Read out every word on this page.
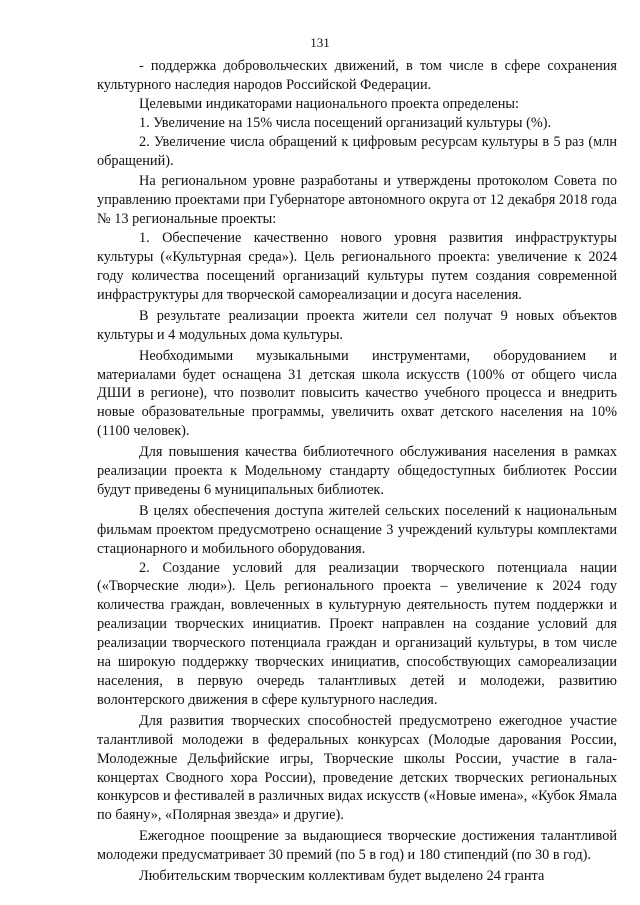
131

- поддержка добровольческих движений, в том числе в сфере сохранения культурного наследия народов Российской Федерации.

Целевыми индикаторами национального проекта определены:

1. Увеличение на 15% числа посещений организаций культуры (%).

2. Увеличение числа обращений к цифровым ресурсам культуры в 5 раз (млн обращений).

На региональном уровне разработаны и утверждены протоколом Совета по управлению проектами при Губернаторе автономного округа от 12 декабря 2018 года № 13 региональные проекты:

1. Обеспечение качественно нового уровня развития инфраструктуры культуры («Культурная среда»). Цель регионального проекта: увеличение к 2024 году количества посещений организаций культуры путем создания современной инфраструктуры для творческой самореализации и досуга населения.

В результате реализации проекта жители сел получат 9 новых объектов культуры и 4 модульных дома культуры.

Необходимыми музыкальными инструментами, оборудованием и материалами будет оснащена 31 детская школа искусств (100% от общего числа ДШИ в регионе), что позволит повысить качество учебного процесса и внедрить новые образовательные программы, увеличить охват детского населения на 10% (1100 человек).

Для повышения качества библиотечного обслуживания населения в рамках реализации проекта к Модельному стандарту общедоступных библиотек России будут приведены 6 муниципальных библиотек.

В целях обеспечения доступа жителей сельских поселений к национальным фильмам проектом предусмотрено оснащение 3 учреждений культуры комплектами стационарного и мобильного оборудования.

2. Создание условий для реализации творческого потенциала нации («Творческие люди»). Цель регионального проекта – увеличение к 2024 году количества граждан, вовлеченных в культурную деятельность путем поддержки и реализации творческих инициатив. Проект направлен на создание условий для реализации творческого потенциала граждан и организаций культуры, в том числе на широкую поддержку творческих инициатив, способствующих самореализации населения, в первую очередь талантливых детей и молодежи, развитию волонтерского движения в сфере культурного наследия.

Для развития творческих способностей предусмотрено ежегодное участие талантливой молодежи в федеральных конкурсах (Молодые дарования России, Молодежные Дельфийские игры, Творческие школы России, участие в гала-концертах Сводного хора России), проведение детских творческих региональных конкурсов и фестивалей в различных видах искусств («Новые имена», «Кубок Ямала по баяну», «Полярная звезда» и другие).

Ежегодное поощрение за выдающиеся творческие достижения талантливой молодежи предусматривает 30 премий (по 5 в год) и 180 стипендий (по 30 в год).

Любительским творческим коллективам будет выделено 24 гранта
